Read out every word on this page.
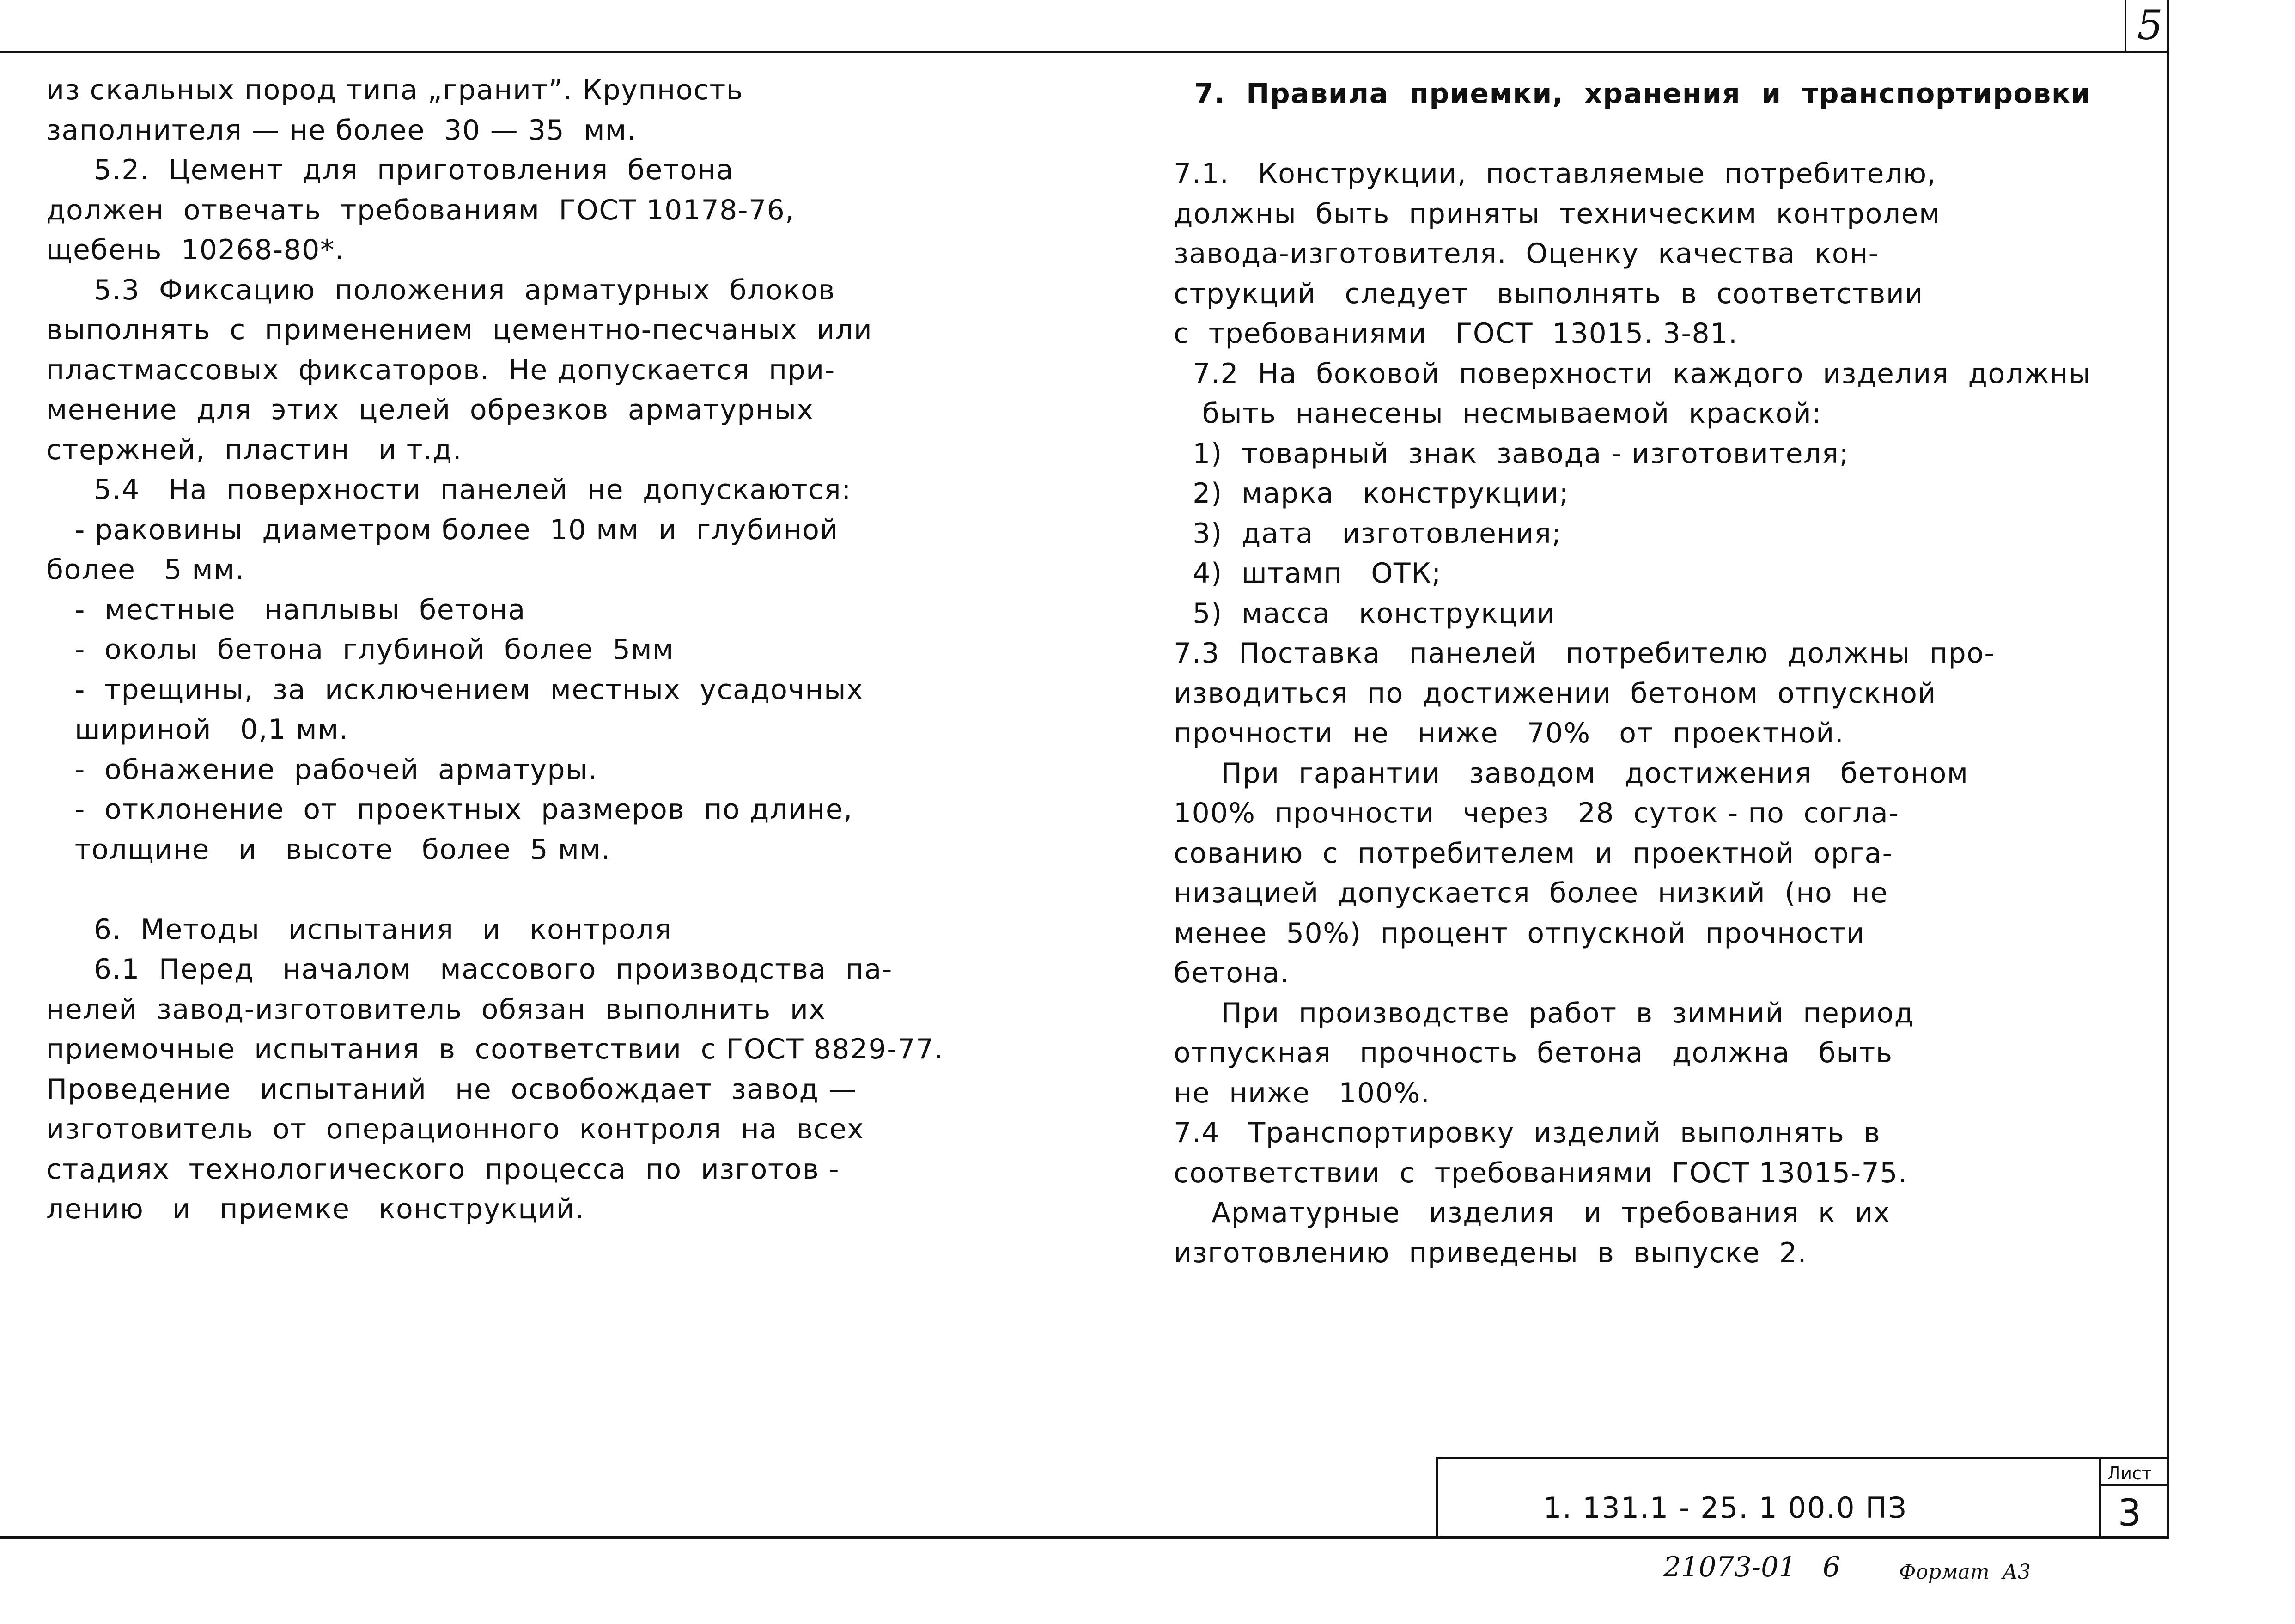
5
из скальных пород типа „гранит”. Крупность
заполнителя — не более  30 — 35  мм.
5.2.  Цемент  для  приготовления  бетона
должен  отвечать  требованиям  ГОСТ 10178-76,
щебень  10268-80*.
5.3  Фиксацию  положения  арматурных  блоков
выполнять  с  применением  цементно-песчаных  или
пластмассовых  фиксаторов.  Не допускается  при-
менение  для  этих  целей  обрезков  арматурных
стержней,  пластин   и т.д.
5.4   На  поверхности  панелей  не  допускаются:
- раковины  диаметром более  10 мм  и  глубиной
более   5 мм.
-  местные   наплывы  бетона
-  околы  бетона  глубиной  более  5мм
-  трещины,  за  исключением  местных  усадочных
шириной   0,1 мм.
-  обнажение  рабочей  арматуры.
-  отклонение  от  проектных  размеров  по длине,
толщине   и   высоте   более  5 мм.
6.  Методы   испытания   и   контроля
6.1  Перед   началом   массового  производства  па-
нелей  завод-изготовитель  обязан  выполнить  их
приемочные  испытания  в  соответствии  с ГОСТ 8829-77.
Проведение   испытаний   не  освобождает  завод —
изготовитель  от  операционного  контроля  на  всех
стадиях  технологического  процесса  по  изготов -
лению   и   приемке   конструкций.
7.  Правила  приемки,  хранения  и  транспортировки
7.1.   Конструкции,  поставляемые  потребителю,
должны  быть  приняты  техническим  контролем
завода-изготовителя.  Оценку  качества  кон-
струкций   следует   выполнять  в  соответствии
с  требованиями   ГОСТ  13015. 3-81.
7.2  На  боковой  поверхности  каждого  изделия  должны
быть  нанесены  несмываемой  краской:
1)  товарный  знак  завода - изготовителя;
2)  марка   конструкции;
3)  дата   изготовления;
4)  штамп   ОТК;
5)  масса   конструкции
7.3  Поставка   панелей   потребителю  должны  про-
изводиться  по  достижении  бетоном  отпускной
прочности  не   ниже   70%   от  проектной.
При  гарантии   заводом   достижения   бетоном
100%  прочности   через   28  суток - по  согла-
сованию  с  потребителем  и  проектной  орга-
низацией  допускается  более  низкий  (но  не
менее  50%)  процент  отпускной  прочности
бетона.
При  производстве  работ  в  зимний  период
отпускная   прочность  бетона   должна   быть
не  ниже   100%.
7.4   Транспортировку  изделий  выполнять  в
соответствии  с  требованиями  ГОСТ 13015-75.
Арматурные   изделия   и  требования  к  их
изготовлению  приведены  в  выпуске  2.
1. 131.1 - 25. 1 00.0 ПЗ
Лист
3
21073-01   6	Формат  А3
